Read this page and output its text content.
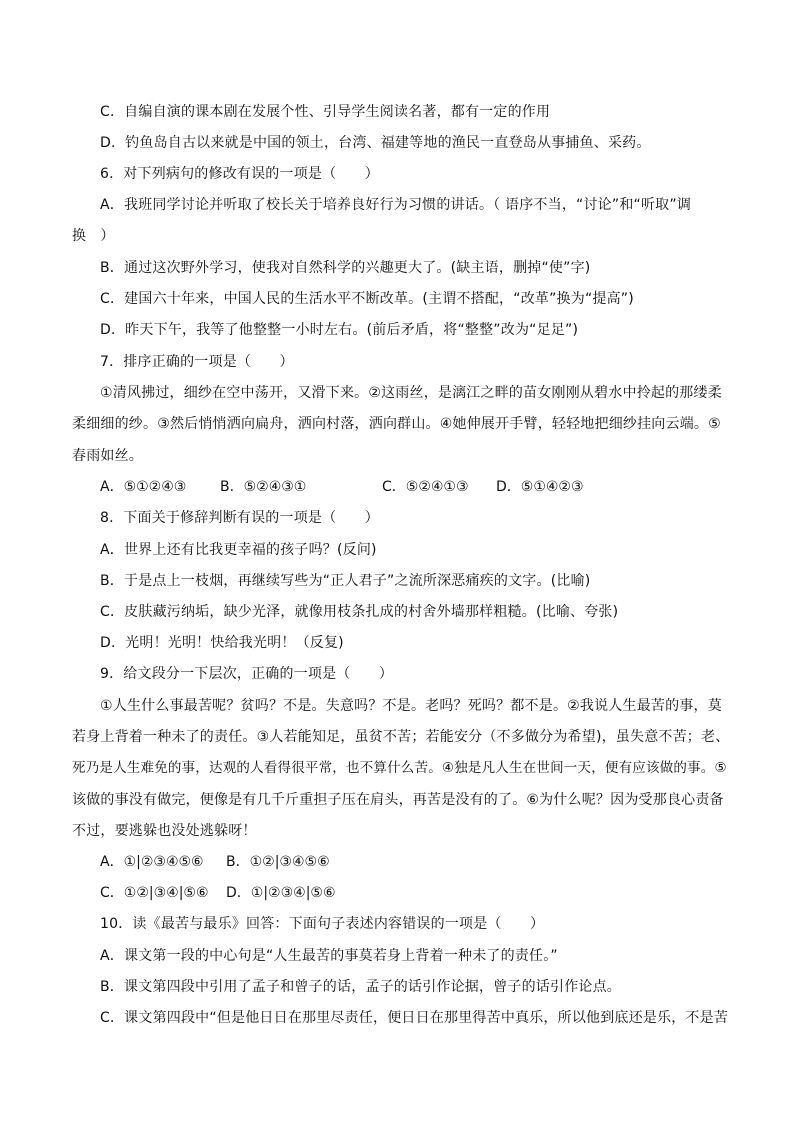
C．自编自演的课本剧在发展个性、引导学生阅读名著，都有一定的作用
D．钓鱼岛自古以来就是中国的领土，台湾、福建等地的渔民一直登岛从事捕鱼、采药。
6．对下列病句的修改有误的一项是（　　）
A．我班同学讨论并听取了校长关于培养良好行为习惯的讲话。（ 语序不当，“讨论”和“听取”调
换　）
B．通过这次野外学习，使我对自然科学的兴趣更大了。(缺主语，删掉“使”字)
C．建国六十年来，中国人民的生活水平不断改革。(主谓不搭配，“改革”换为“提高”)
D．昨天下午，我等了他整整一小时左右。(前后矛盾，将“整整”改为“足足”)
7．排序正确的一项是（　　）
①清风拂过，细纱在空中荡开，又滑下来。②这雨丝，是漓江之畔的苗女刚刚从碧水中拎起的那缕柔
柔细细的纱。③然后悄悄洒向扁舟，洒向村落，洒向群山。④她伸展开手臂，轻轻地把细纱挂向云端。⑤
春雨如丝。
A．⑤①②④③ B．⑤②④③①	C．⑤②④①③ D．⑤①④②③
8．下面关于修辞判断有误的一项是（　　）
A．世界上还有比我更幸福的孩子吗？(反问)
B．于是点上一枝烟，再继续写些为“正人君子”之流所深恶痛疾的文字。(比喻)
C．皮肤藏污纳垢，缺少光泽，就像用枝条扎成的村舍外墙那样粗糙。(比喻、夸张)
D．光明！光明！快给我光明！（反复)
9．给文段分一下层次，正确的一项是（　　）
①人生什么事最苦呢？贫吗？不是。失意吗？不是。老吗？死吗？都不是。②我说人生最苦的事，莫
若身上背着一种未了的责任。③人若能知足，虽贫不苦；若能安分（不多做分为希望)，虽失意不苦；老、
死乃是人生难免的事，达观的人看得很平常，也不算什么苦。④独是凡人生在世间一天，便有应该做的事。⑤
该做的事没有做完，便像是有几千斤重担子压在肩头，再苦是没有的了。⑥为什么呢？因为受那良心责备
不过，要逃躲也没处逃躲呀！
A．①|②③④⑤⑥ B．①②|③④⑤⑥
C．①②|③④|⑤⑥ D．①|②③④|⑤⑥
10．读《最苦与最乐》回答：下面句子表述内容错误的一项是（　　）
A．课文第一段的中心句是“人生最苦的事莫若身上背着一种未了的责任。”
B．课文第四段中引用了孟子和曾子的话，孟子的话引作论据，曾子的话引作论点。
C．课文第四段中“但是他日日在那里尽责任，便日日在那里得苦中真乐，所以他到底还是乐，不是苦
